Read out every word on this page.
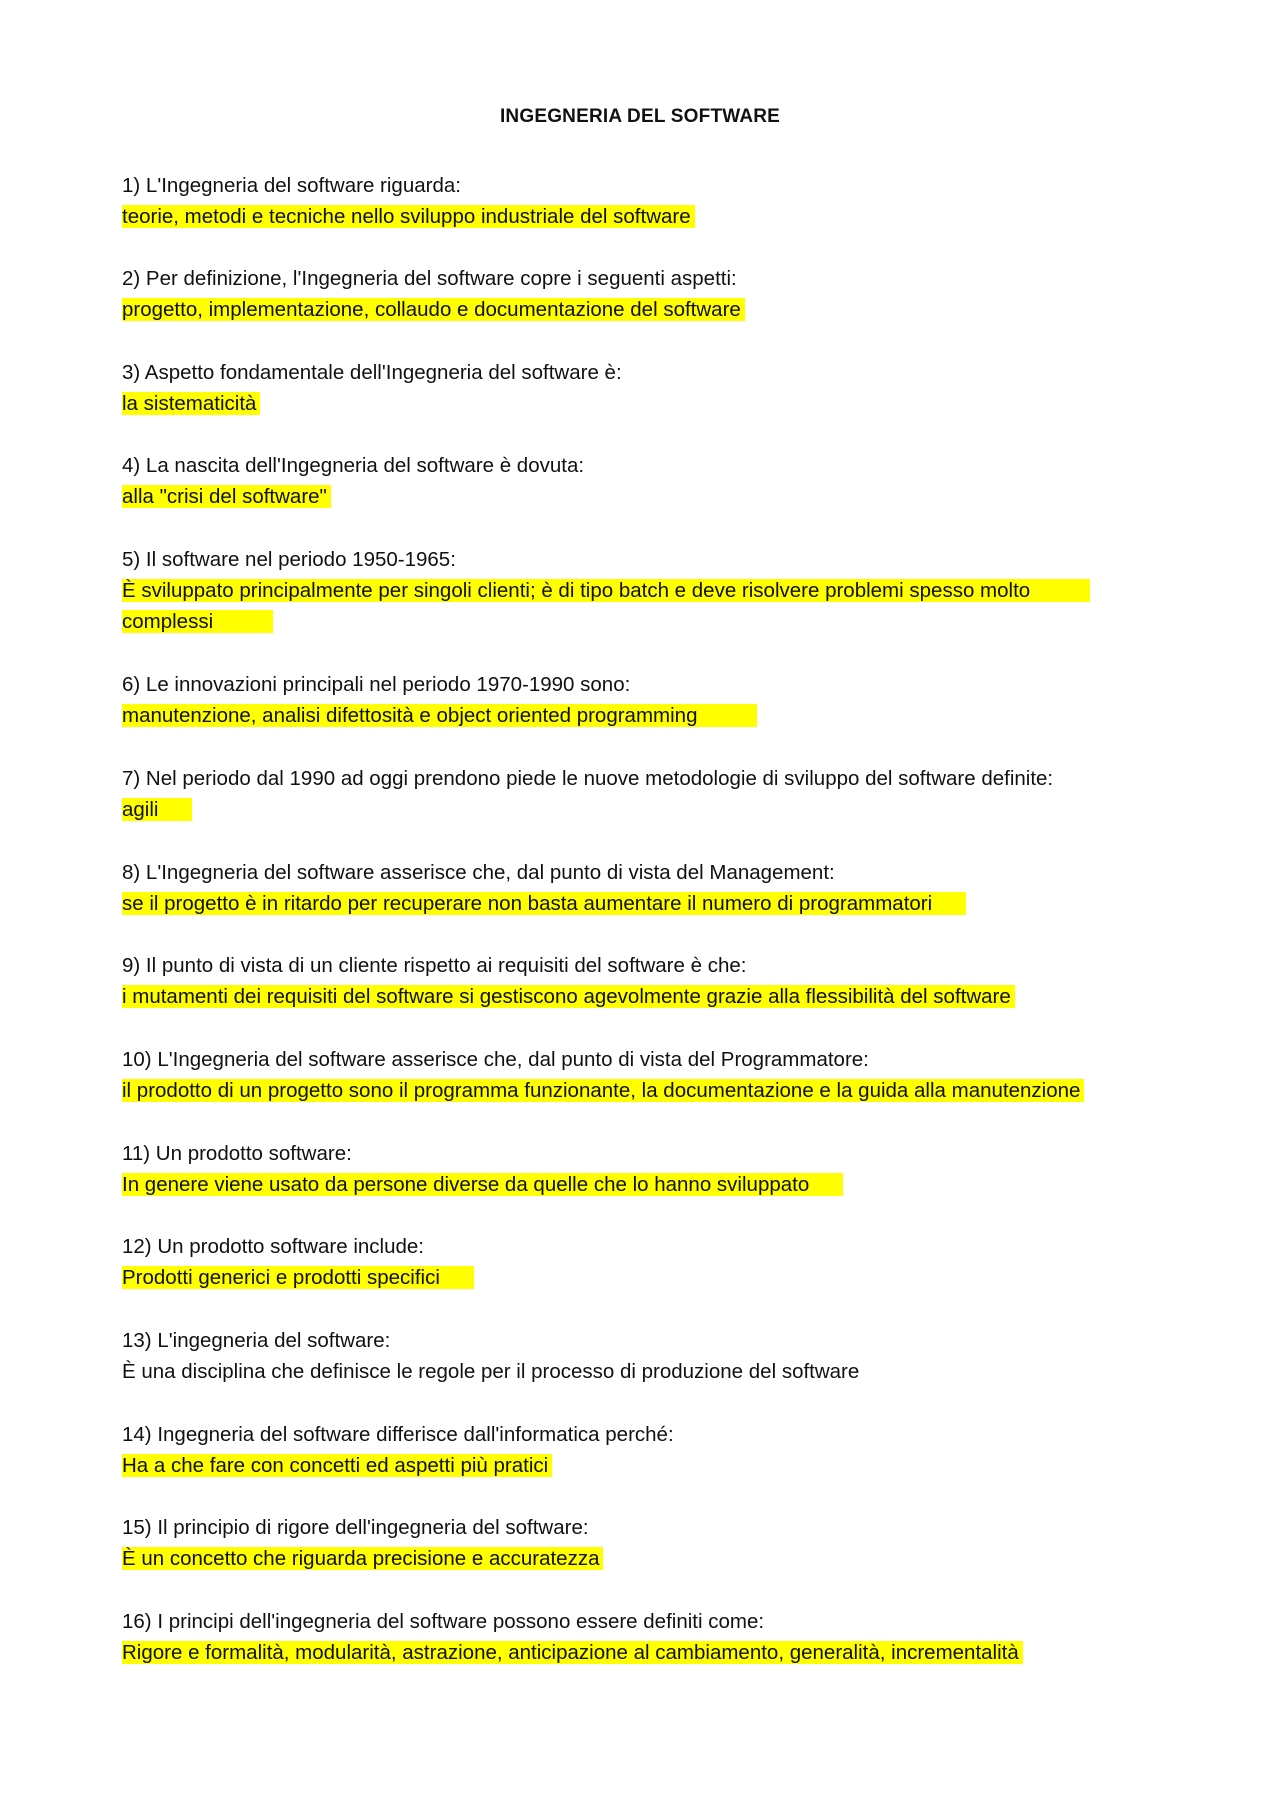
INGEGNERIA DEL SOFTWARE
1) L'Ingegneria del software riguarda:
teorie, metodi e tecniche nello sviluppo industriale del software
2) Per definizione, l'Ingegneria del software copre i seguenti aspetti:
progetto, implementazione, collaudo e documentazione del software
3) Aspetto fondamentale dell'Ingegneria del software è:
la sistematicità
4) La nascita dell'Ingegneria del software è dovuta:
alla "crisi del software"
5) Il software nel periodo 1950-1965:
È sviluppato principalmente per singoli clienti; è di tipo batch e deve risolvere problemi spesso molto complessi
6) Le innovazioni principali nel periodo 1970-1990 sono:
manutenzione, analisi difettosità e object oriented programming
7) Nel periodo dal 1990 ad oggi prendono piede le nuove metodologie di sviluppo del software definite:
agili
8) L'Ingegneria del software asserisce che, dal punto di vista del Management:
se il progetto è in ritardo per recuperare non basta aumentare il numero di programmatori
9) Il punto di vista di un cliente rispetto ai requisiti del software è che:
i mutamenti dei requisiti del software si gestiscono agevolmente grazie alla flessibilità del software
10) L'Ingegneria del software asserisce che, dal punto di vista del Programmatore:
il prodotto di un progetto sono il programma funzionante, la documentazione e la guida alla manutenzione
11) Un prodotto software:
In genere viene usato da persone diverse da quelle che lo hanno sviluppato
12) Un prodotto software include:
Prodotti generici e prodotti specifici
13) L'ingegneria del software:
È una disciplina che definisce le regole per il processo di produzione del software
14) Ingegneria del software differisce dall'informatica perché:
Ha a che fare con concetti ed aspetti più pratici
15) Il principio di rigore dell'ingegneria del software:
È un concetto che riguarda precisione e accuratezza
16) I principi dell'ingegneria del software possono essere definiti come:
Rigore e formalità, modularità, astrazione, anticipazione al cambiamento, generalità, incrementalità
